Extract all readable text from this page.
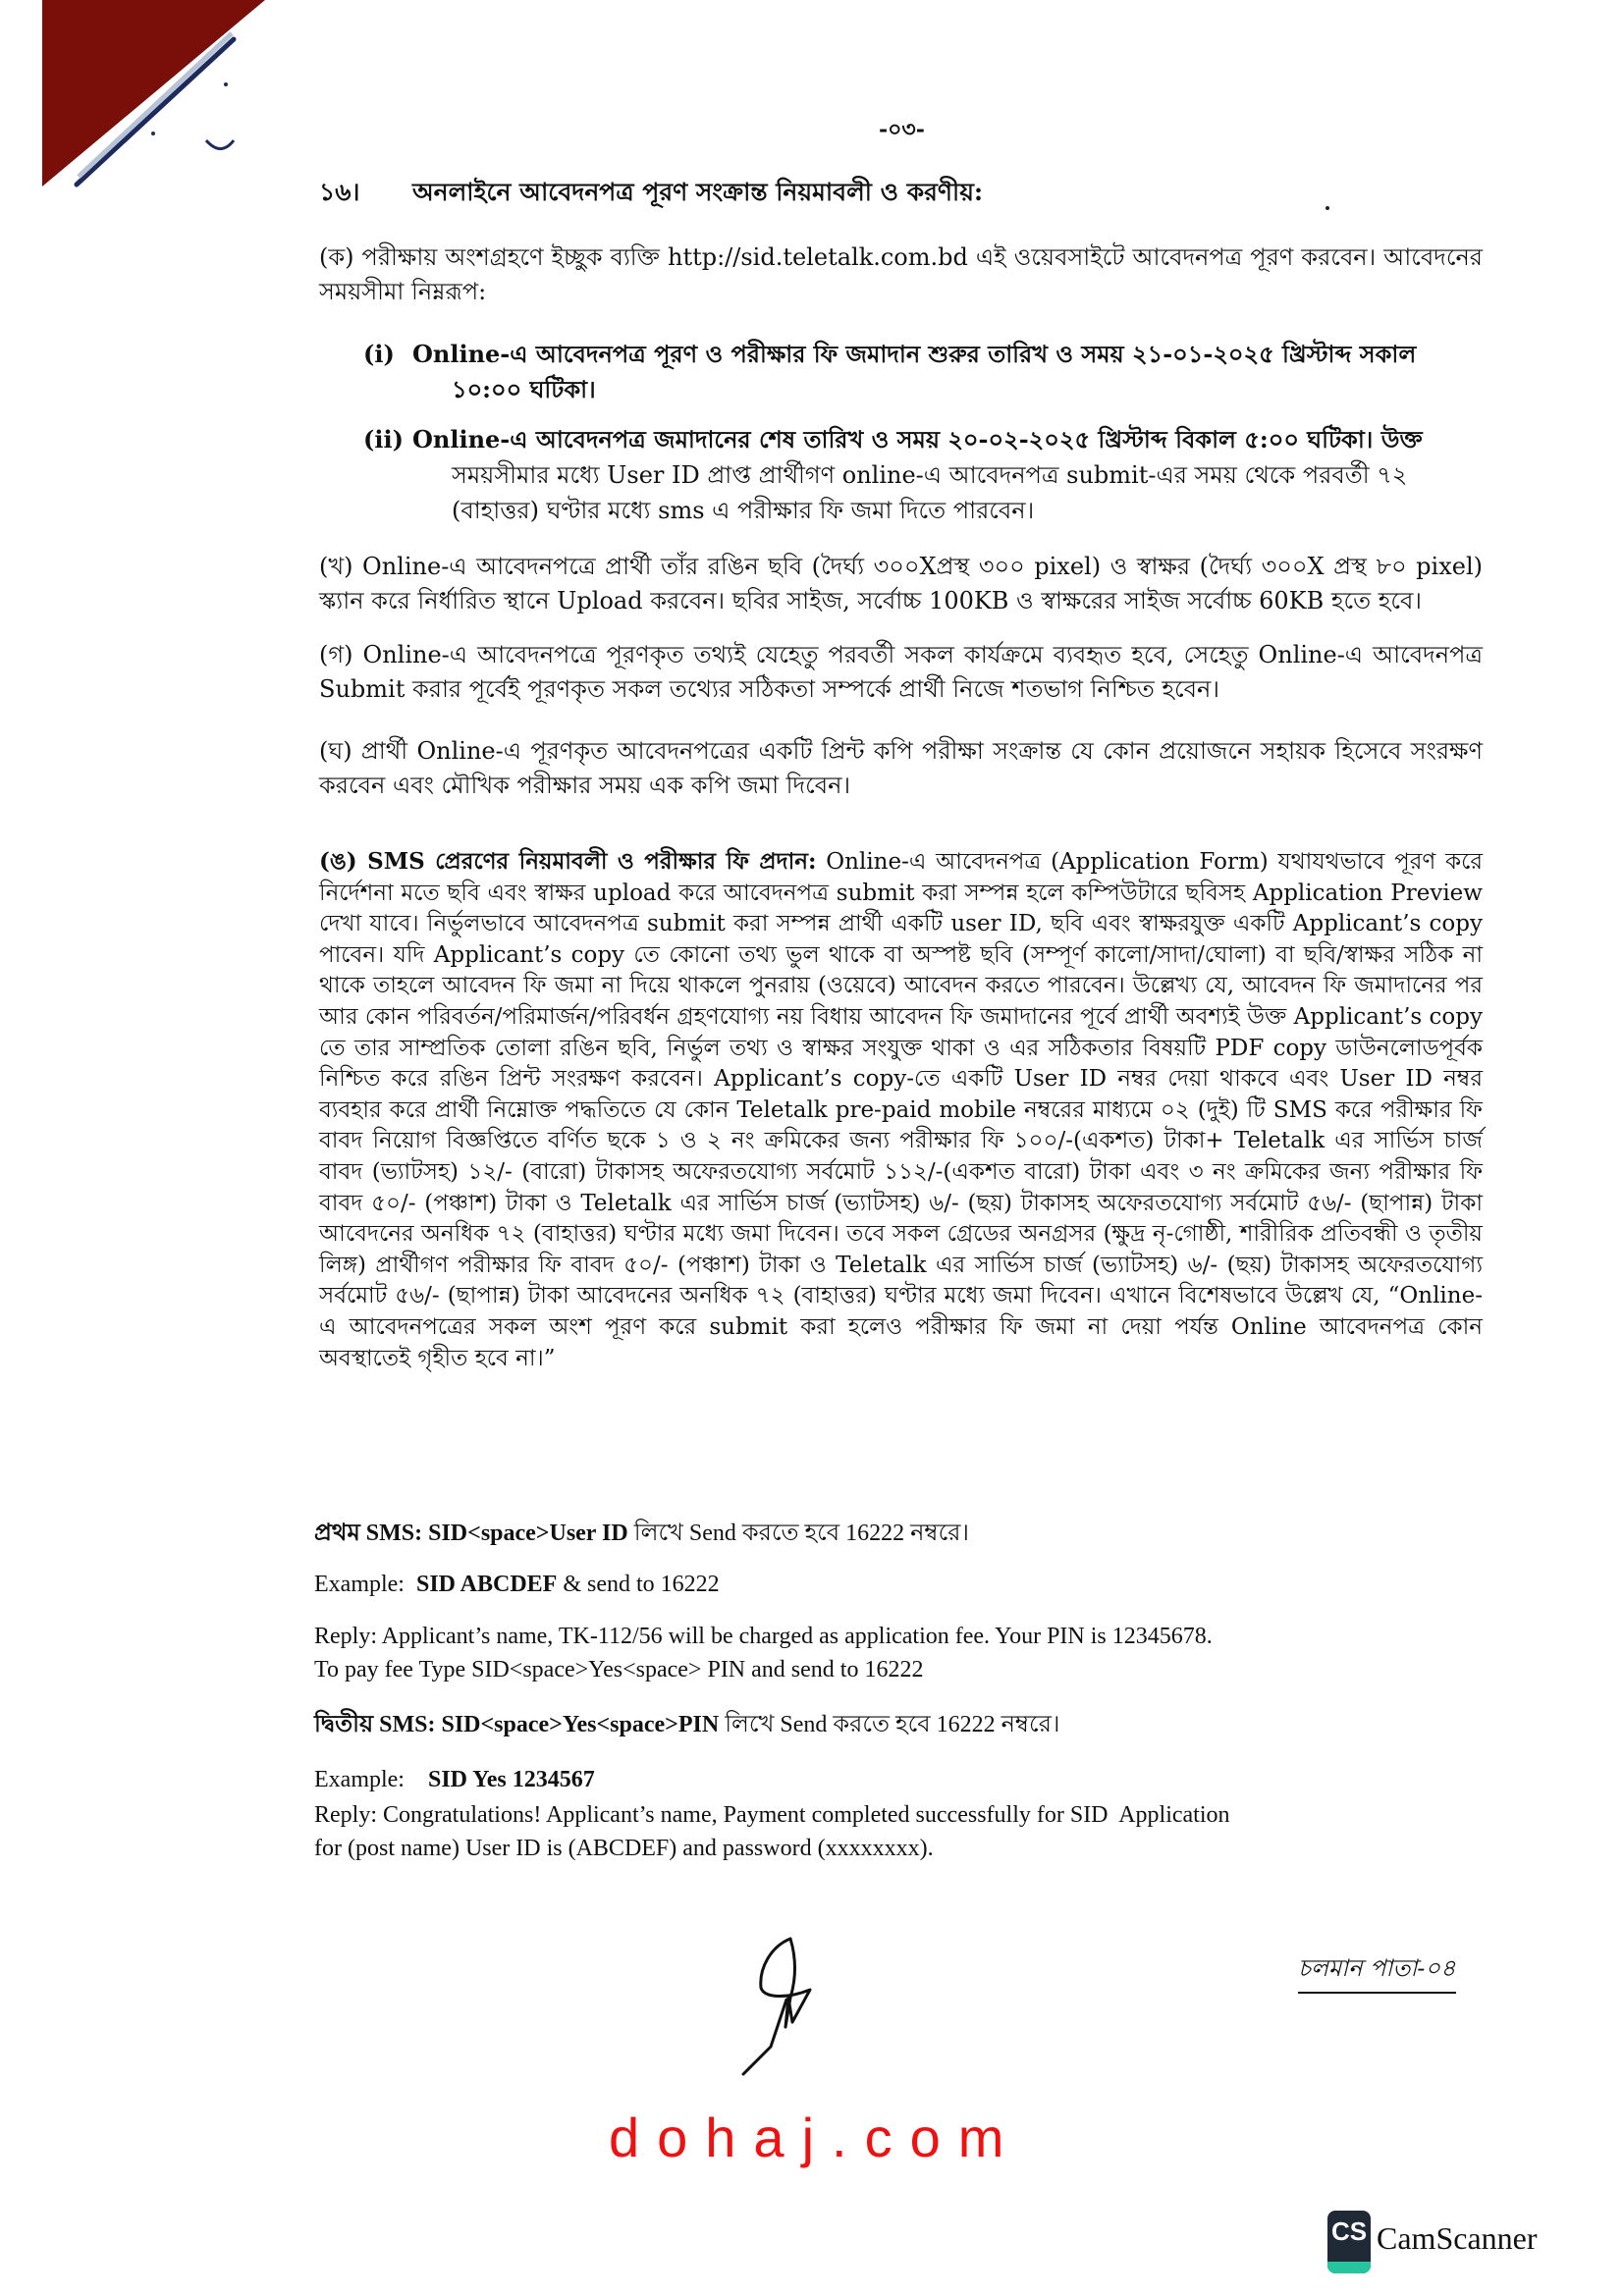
-০৩-
১৬। অনলাইনে আবেদনপত্র পূরণ সংক্রান্ত নিয়মাবলী ও করণীয়:
(ক) পরীক্ষায় অংশগ্রহণে ইচ্ছুক ব্যক্তি http://sid.teletalk.com.bd এই ওয়েবসাইটে আবেদনপত্র পূরণ করবেন। আবেদনের সময়সীমা নিম্নরূপ:
(i) Online-এ আবেদনপত্র পূরণ ও পরীক্ষার ফি জমাদান শুরুর তারিখ ও সময় ২১-০১-২০২৫ খ্রিস্টাব্দ সকাল
১০:০০ ঘটিকা।
(ii) Online-এ আবেদনপত্র জমাদানের শেষ তারিখ ও সময় ২০-০২-২০২৫ খ্রিস্টাব্দ বিকাল ৫:০০ ঘটিকা। উক্ত
সময়সীমার মধ্যে User ID প্রাপ্ত প্রার্থীগণ online-এ আবেদনপত্র submit-এর সময় থেকে পরবর্তী ৭২ (বাহাত্তর) ঘণ্টার মধ্যে sms এ পরীক্ষার ফি জমা দিতে পারবেন।
(খ) Online-এ আবেদনপত্রে প্রার্থী তাঁর রঙিন ছবি (দৈর্ঘ্য ৩০০Xপ্রস্থ ৩০০ pixel) ও স্বাক্ষর (দৈর্ঘ্য ৩০০X প্রস্থ ৮০ pixel) স্ক্যান করে নির্ধারিত স্থানে Upload করবেন। ছবির সাইজ, সর্বোচ্চ 100KB ও স্বাক্ষরের সাইজ সর্বোচ্চ 60KB হতে হবে।
(গ) Online-এ আবেদনপত্রে পূরণকৃত তথ্যই যেহেতু পরবর্তী সকল কার্যক্রমে ব্যবহৃত হবে, সেহেতু Online-এ আবেদনপত্র Submit করার পূর্বেই পূরণকৃত সকল তথ্যের সঠিকতা সম্পর্কে প্রার্থী নিজে শতভাগ নিশ্চিত হবেন।
(ঘ) প্রার্থী Online-এ পূরণকৃত আবেদনপত্রের একটি প্রিন্ট কপি পরীক্ষা সংক্রান্ত যে কোন প্রয়োজনে সহায়ক হিসেবে সংরক্ষণ করবেন এবং মৌখিক পরীক্ষার সময় এক কপি জমা দিবেন।
(ঙ) SMS প্রেরণের নিয়মাবলী ও পরীক্ষার ফি প্রদান: Online-এ আবেদনপত্র (Application Form) যথাযথভাবে পূরণ করে নির্দেশনা মতে ছবি এবং স্বাক্ষর upload করে আবেদনপত্র submit করা সম্পন্ন হলে কম্পিউটারে ছবিসহ Application Preview দেখা যাবে। নির্ভুলভাবে আবেদনপত্র submit করা সম্পন্ন প্রার্থী একটি user ID, ছবি এবং স্বাক্ষরযুক্ত একটি Applicant’s copy পাবেন। যদি Applicant’s copy তে কোনো তথ্য ভুল থাকে বা অস্পষ্ট ছবি (সম্পূর্ণ কালো/সাদা/ঘোলা) বা ছবি/স্বাক্ষর সঠিক না থাকে তাহলে আবেদন ফি জমা না দিয়ে থাকলে পুনরায় (ওয়েবে) আবেদন করতে পারবেন। উল্লেখ্য যে, আবেদন ফি জমাদানের পর আর কোন পরিবর্তন/পরিমার্জন/পরিবর্ধন গ্রহণযোগ্য নয় বিধায় আবেদন ফি জমাদানের পূর্বে প্রার্থী অবশ্যই উক্ত Applicant’s copy তে তার সাম্প্রতিক তোলা রঙিন ছবি, নির্ভুল তথ্য ও স্বাক্ষর সংযুক্ত থাকা ও এর সঠিকতার বিষয়টি PDF copy ডাউনলোডপূর্বক নিশ্চিত করে রঙিন প্রিন্ট সংরক্ষণ করবেন। Applicant’s copy-তে একটি User ID নম্বর দেয়া থাকবে এবং User ID নম্বর ব্যবহার করে প্রার্থী নিম্নোক্ত পদ্ধতিতে যে কোন Teletalk pre-paid mobile নম্বরের মাধ্যমে ০২ (দুই) টি SMS করে পরীক্ষার ফি বাবদ নিয়োগ বিজ্ঞপ্তিতে বর্ণিত ছকে ১ ও ২ নং ক্রমিকের জন্য পরীক্ষার ফি ১০০/-(একশত) টাকা+ Teletalk এর সার্ভিস চার্জ বাবদ (ভ্যাটসহ) ১২/- (বারো) টাকাসহ অফেরতযোগ্য সর্বমোট ১১২/-(একশত বারো) টাকা এবং ৩ নং ক্রমিকের জন্য পরীক্ষার ফি বাবদ ৫০/- (পঞ্চাশ) টাকা ও Teletalk এর সার্ভিস চার্জ (ভ্যাটসহ) ৬/- (ছয়) টাকাসহ অফেরতযোগ্য সর্বমোট ৫৬/- (ছাপান্ন) টাকা আবেদনের অনধিক ৭২ (বাহাত্তর) ঘণ্টার মধ্যে জমা দিবেন। তবে সকল গ্রেডের অনগ্রসর (ক্ষুদ্র নৃ-গোষ্ঠী, শারীরিক প্রতিবন্ধী ও তৃতীয় লিঙ্গ) প্রার্থীগণ পরীক্ষার ফি বাবদ ৫০/- (পঞ্চাশ) টাকা ও Teletalk এর সার্ভিস চার্জ (ভ্যাটসহ) ৬/- (ছয়) টাকাসহ অফেরতযোগ্য সর্বমোট ৫৬/- (ছাপান্ন) টাকা আবেদনের অনধিক ৭২ (বাহাত্তর) ঘণ্টার মধ্যে জমা দিবেন। এখানে বিশেষভাবে উল্লেখ যে, “Online-এ আবেদনপত্রের সকল অংশ পূরণ করে submit করা হলেও পরীক্ষার ফি জমা না দেয়া পর্যন্ত Online আবেদনপত্র কোন অবস্থাতেই গৃহীত হবে না।”
প্রথম SMS: SID<space>User ID লিখে Send করতে হবে 16222 নম্বরে।
Example: SID ABCDEF & send to 16222
Reply: Applicant’s name, TK-112/56 will be charged as application fee. Your PIN is 12345678.
To pay fee Type SID<space>Yes<space> PIN and send to 16222
দ্বিতীয় SMS: SID<space>Yes<space>PIN লিখে Send করতে হবে 16222 নম্বরে।
Example: SID Yes 1234567
Reply: Congratulations! Applicant’s name, Payment completed successfully for SID  Application
for (post name) User ID is (ABCDEF) and password (xxxxxxxx).
চলমান পাতা-০৪
dohaj.com
CS CamScanner
